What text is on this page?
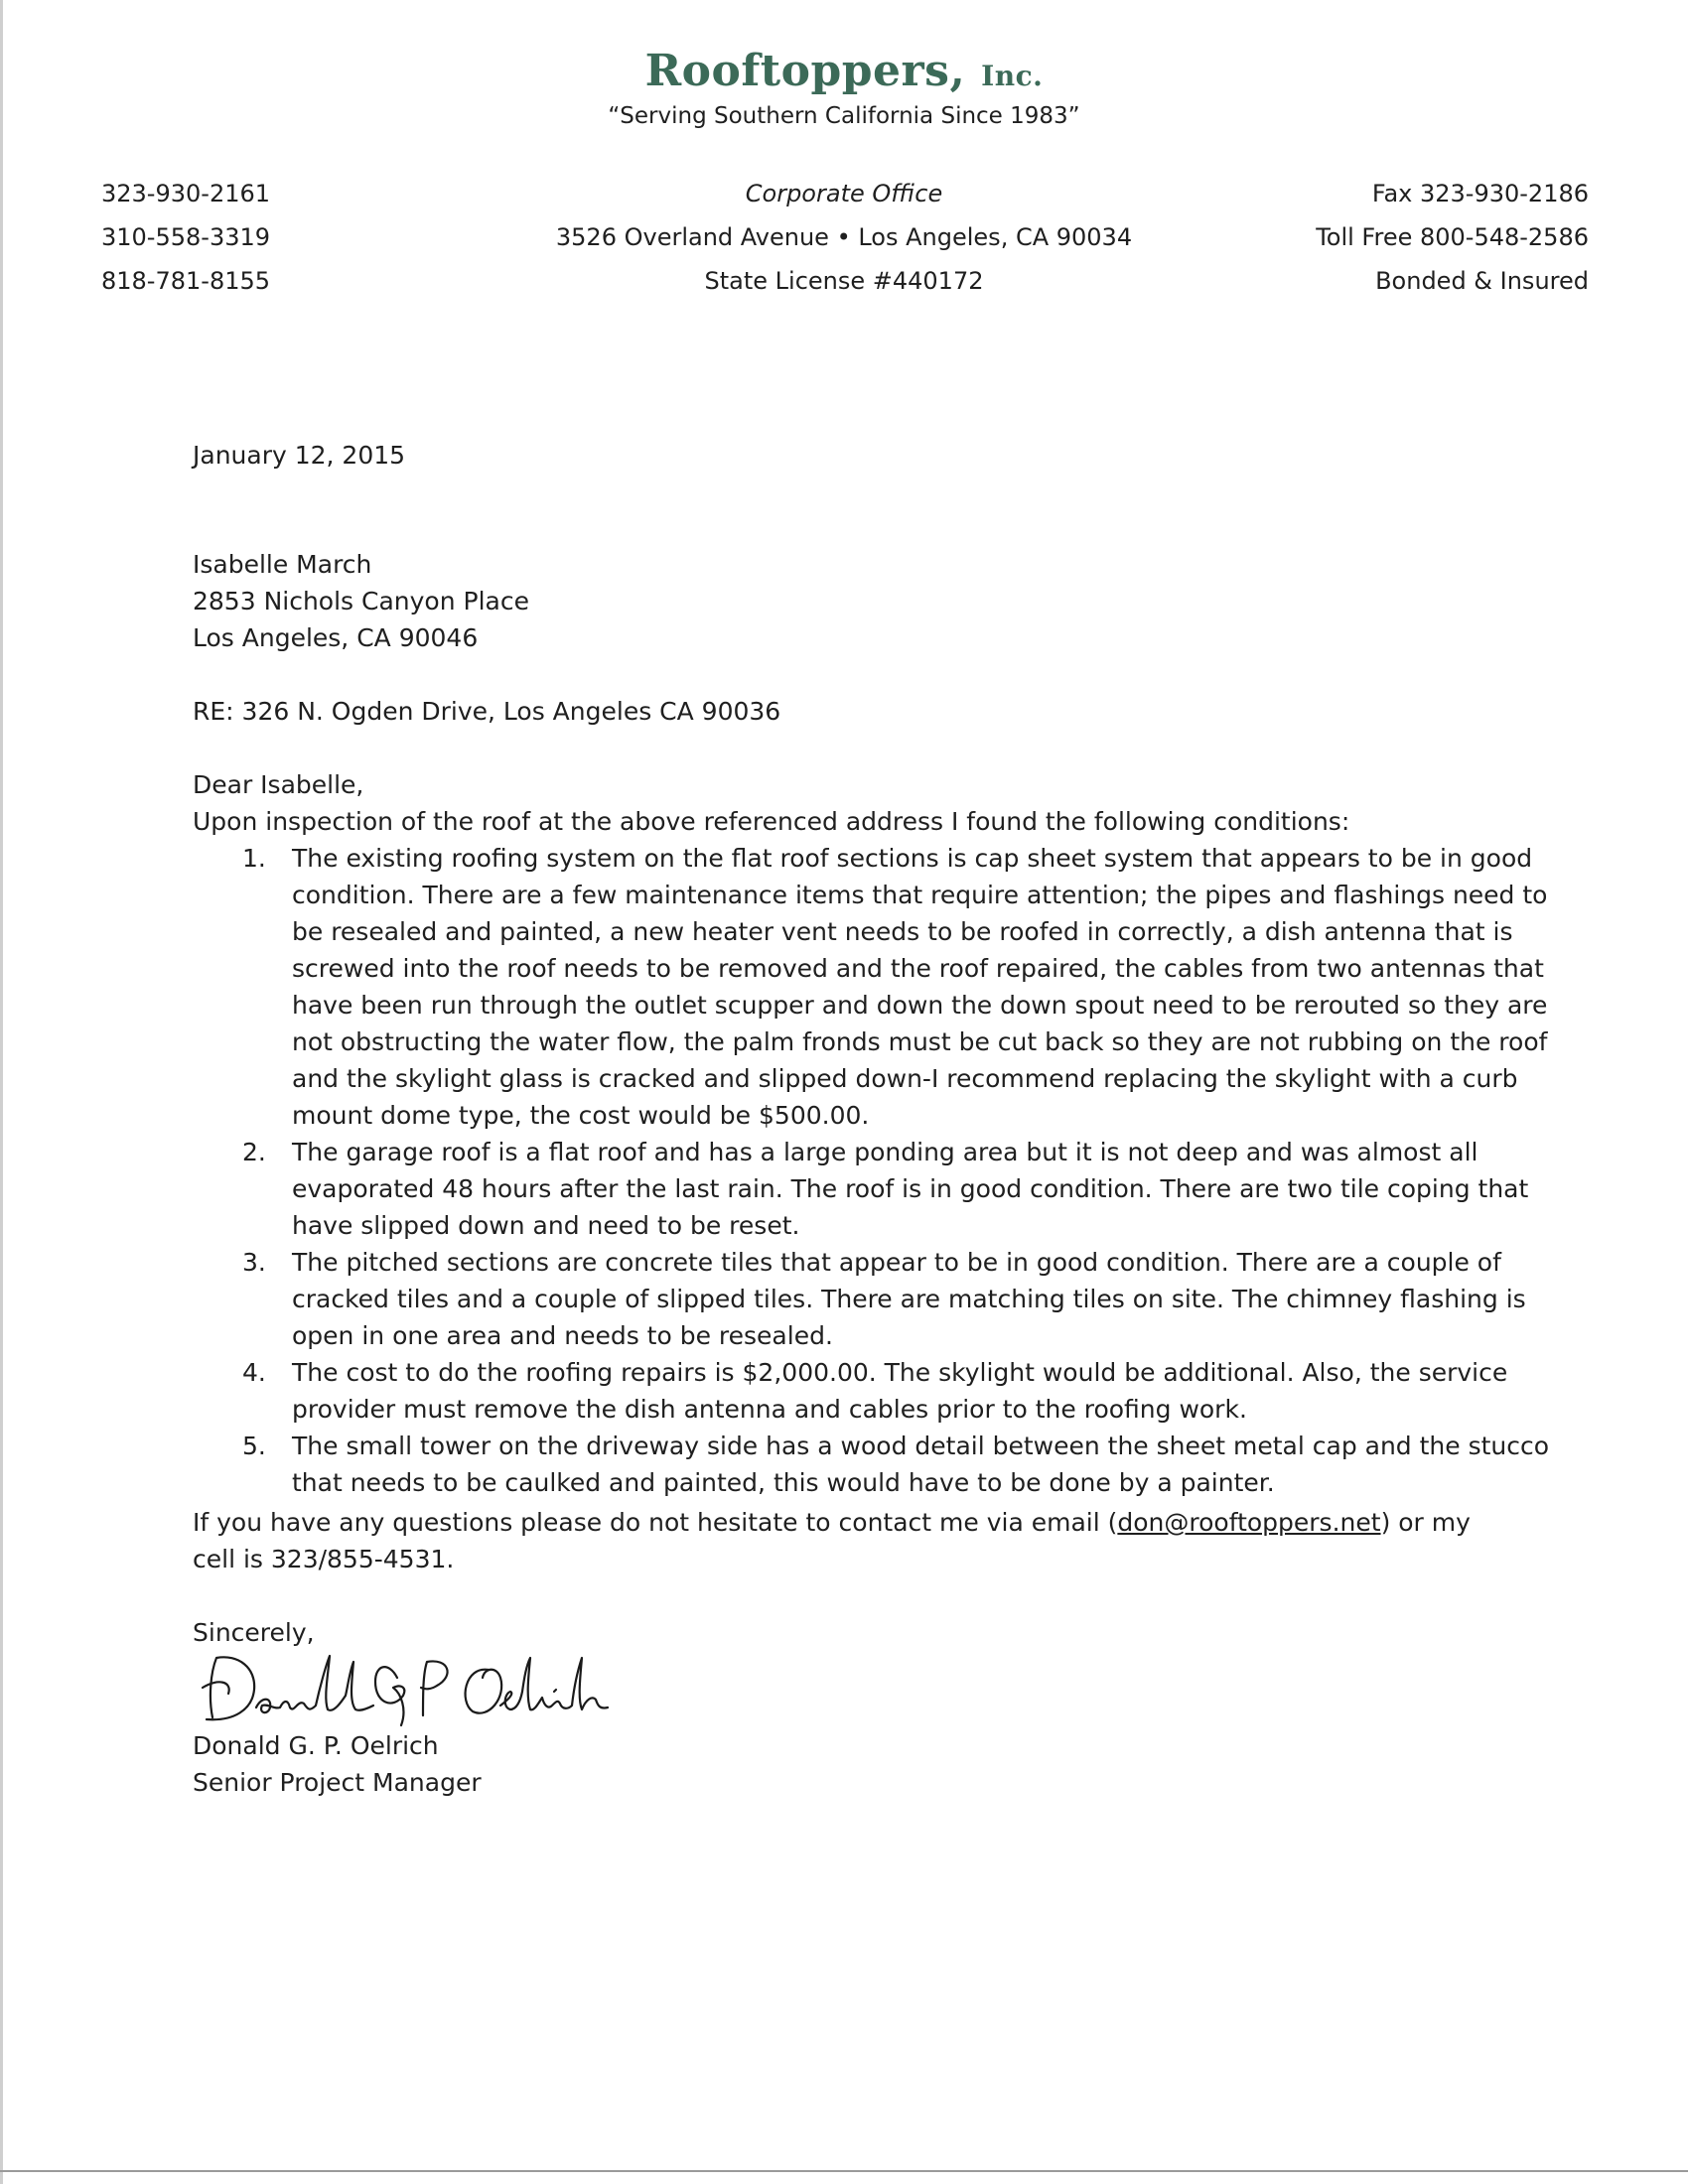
Rooftoppers, Inc.
“Serving Southern California Since 1983”
323-930-2161
310-558-3319
818-781-8155
Corporate Office
3526 Overland Avenue • Los Angeles, CA 90034
State License #440172
Fax 323-930-2186
Toll Free 800-548-2586
Bonded & Insured
January 12, 2015
Isabelle March
2853 Nichols Canyon Place
Los Angeles, CA 90046
RE: 326 N. Ogden Drive, Los Angeles CA 90036
Dear Isabelle,
Upon inspection of the roof at the above referenced address I found the following conditions:
1. The existing roofing system on the flat roof sections is cap sheet system that appears to be in good condition. There are a few maintenance items that require attention; the pipes and flashings need to be resealed and painted, a new heater vent needs to be roofed in correctly, a dish antenna that is screwed into the roof needs to be removed and the roof repaired, the cables from two antennas that have been run through the outlet scupper and down the down spout need to be rerouted so they are not obstructing the water flow, the palm fronds must be cut back so they are not rubbing on the roof and the skylight glass is cracked and slipped down-I recommend replacing the skylight with a curb mount dome type, the cost would be $500.00.
2. The garage roof is a flat roof and has a large ponding area but it is not deep and was almost all evaporated 48 hours after the last rain. The roof is in good condition. There are two tile coping that have slipped down and need to be reset.
3. The pitched sections are concrete tiles that appear to be in good condition. There are a couple of cracked tiles and a couple of slipped tiles. There are matching tiles on site. The chimney flashing is open in one area and needs to be resealed.
4. The cost to do the roofing repairs is $2,000.00. The skylight would be additional. Also, the service provider must remove the dish antenna and cables prior to the roofing work.
5. The small tower on the driveway side has a wood detail between the sheet metal cap and the stucco that needs to be caulked and painted, this would have to be done by a painter.
If you have any questions please do not hesitate to contact me via email (don@rooftoppers.net) or my cell is 323/855-4531.
Sincerely,
Donald G. P. Oelrich
Senior Project Manager
